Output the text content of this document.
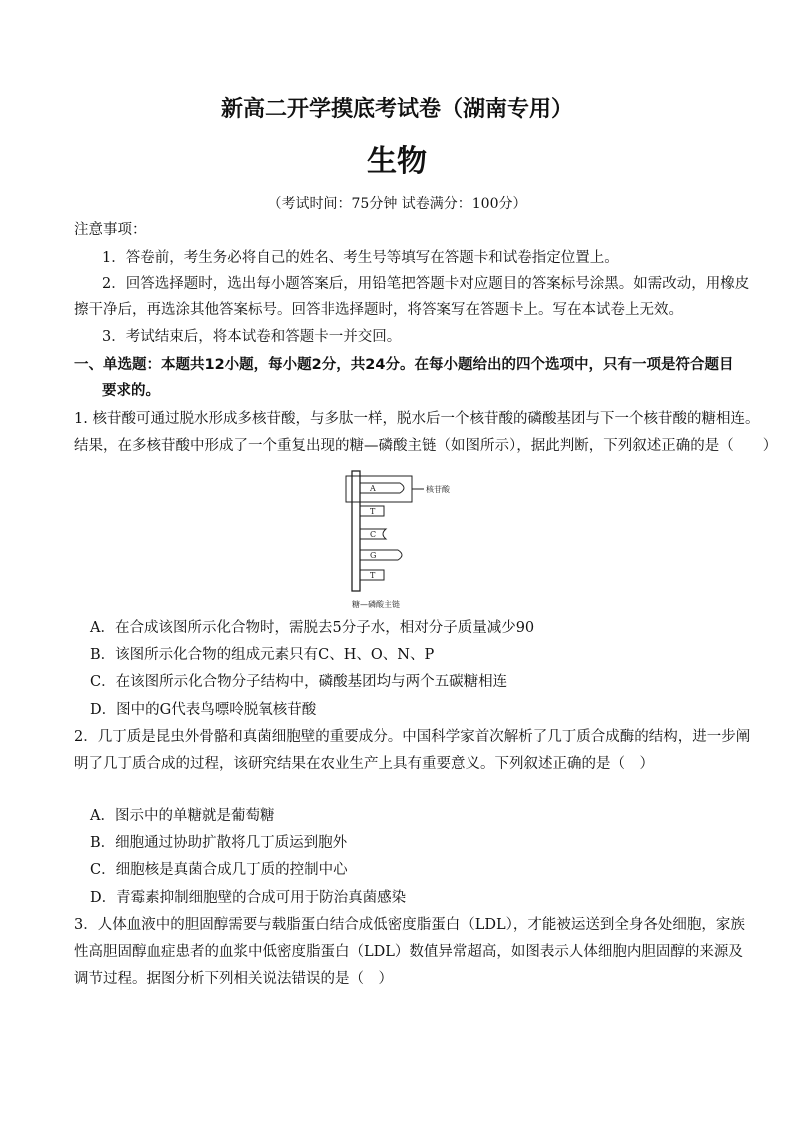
新高二开学摸底考试卷（湖南专用）
生物
（考试时间：75分钟 试卷满分：100分）
注意事项：
1．答卷前，考生务必将自己的姓名、考生号等填写在答题卡和试卷指定位置上。
2．回答选择题时，选出每小题答案后，用铅笔把答题卡对应题目的答案标号涂黑。如需改动，用橡皮
擦干净后，再选涂其他答案标号。回答非选择题时，将答案写在答题卡上。写在本试卷上无效。
3．考试结束后，将本试卷和答题卡一并交回。
一、单选题：本题共12小题，每小题2分，共24分。在每小题给出的四个选项中，只有一项是符合题目
要求的。
1. 核苷酸可通过脱水形成多核苷酸，与多肽一样，脱水后一个核苷酸的磷酸基团与下一个核苷酸的糖相连。
结果，在多核苷酸中形成了一个重复出现的糖—磷酸主链（如图所示），据此判断，下列叙述正确的是（　　）
A
T
C
G
T
核苷酸
糖—磷酸主链
A．在合成该图所示化合物时，需脱去5分子水，相对分子质量减少90
B．该图所示化合物的组成元素只有C、H、O、N、P
C．在该图所示化合物分子结构中，磷酸基团均与两个五碳糖相连
D．图中的G代表鸟嘌呤脱氧核苷酸
2．几丁质是昆虫外骨骼和真菌细胞壁的重要成分。中国科学家首次解析了几丁质合成酶的结构，进一步阐
明了几丁质合成的过程，该研究结果在农业生产上具有重要意义。下列叙述正确的是（　）
A．图示中的单糖就是葡萄糖
B．细胞通过协助扩散将几丁质运到胞外
C．细胞核是真菌合成几丁质的控制中心
D．青霉素抑制细胞壁的合成可用于防治真菌感染
3．人体血液中的胆固醇需要与载脂蛋白结合成低密度脂蛋白（LDL），才能被运送到全身各处细胞，家族
性高胆固醇血症患者的血浆中低密度脂蛋白（LDL）数值异常超高，如图表示人体细胞内胆固醇的来源及
调节过程。据图分析下列相关说法错误的是（　）
